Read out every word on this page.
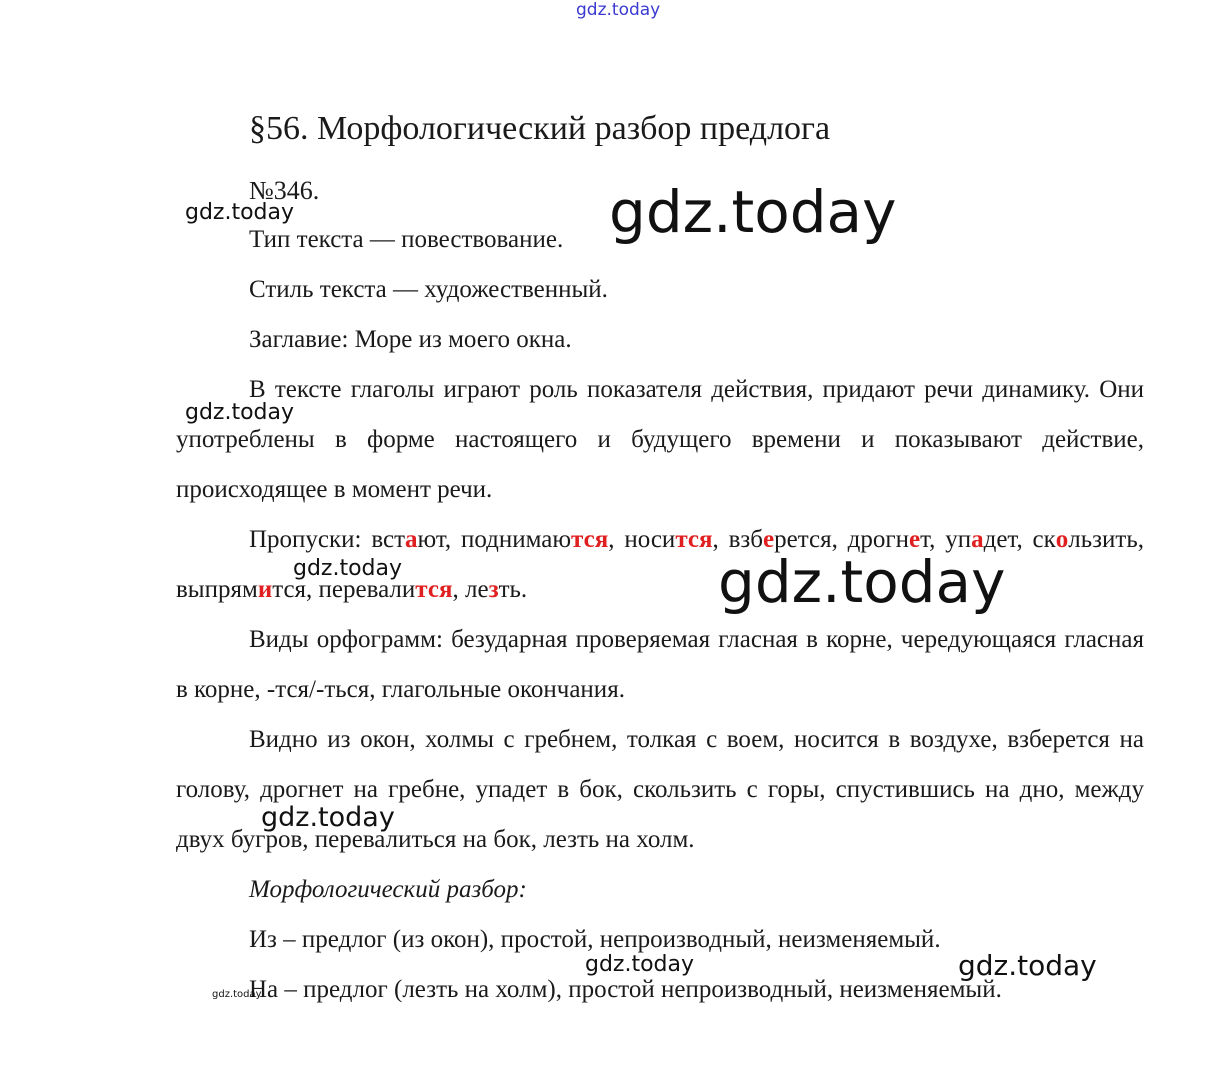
gdz.today
§56. Морфологический разбор предлога
№346.

Тип текста — повествование.

Стиль текста — художественный.

Заглавие: Море из моего окна.

В тексте глаголы играют роль показателя действия, придают речи динамику. Они употреблены в форме настоящего и будущего времени и показывают действие, происходящее в момент речи.

Пропуски: встают, поднимаются, носится, взберется, дрогнет, упадет, скользить, выпрямится, перевалится, лезть.

Виды орфограмм: безударная проверяемая гласная в корне, чередующаяся гласная в корне, -тся/-ться, глагольные окончания.

Видно из окон, холмы с гребнем, толкая с воем, носится в воздухе, взберется на голову, дрогнет на гребне, упадет в бок, скользить с горы, спустившись на дно, между двух бугров, перевалиться на бок, лезть на холм.

Морфологический разбор:

Из – предлог (из окон), простой, непроизводный, неизменяемый.

На – предлог (лезть на холм), простой непроизводный, неизменяемый.

gdz.today
gdz.today
gdz.today
gdz.today
gdz.today	gdz.today
gdz.today
gdz.today
gdz.today
